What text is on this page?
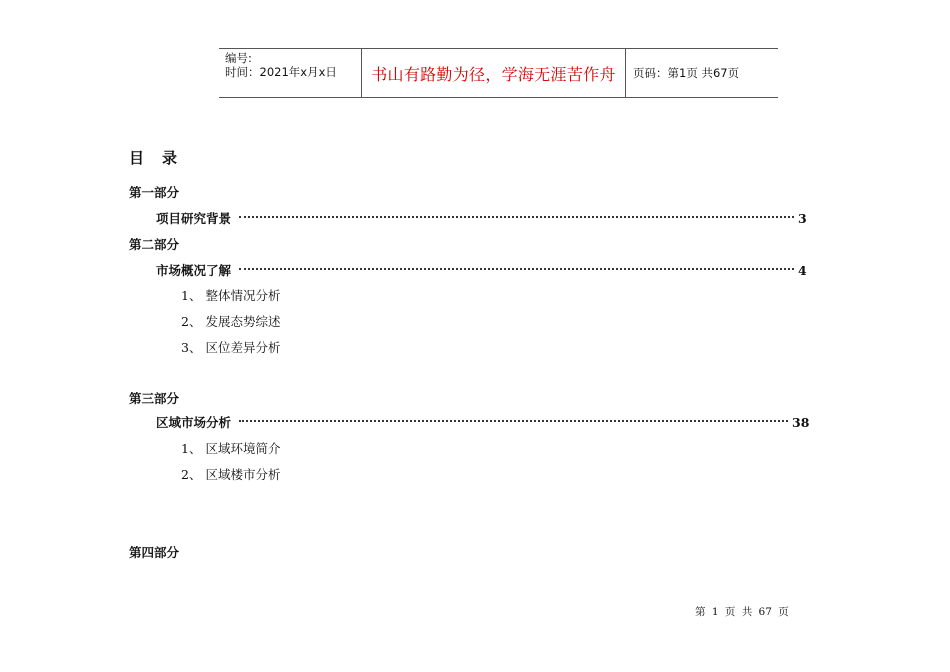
编号:
时间：2021年x月x日	书山有路勤为径，学海无涯苦作舟	页码：第1页 共67页
目 录
第一部分
项目研究背景	3
第二部分
市场概况了解	4
1、 整体情况分析
2、 发展态势综述
3、 区位差异分析
第三部分
区域市场分析	38
1、 区域环境简介
2、 区域楼市分析
第四部分
第 1 页 共 67 页
